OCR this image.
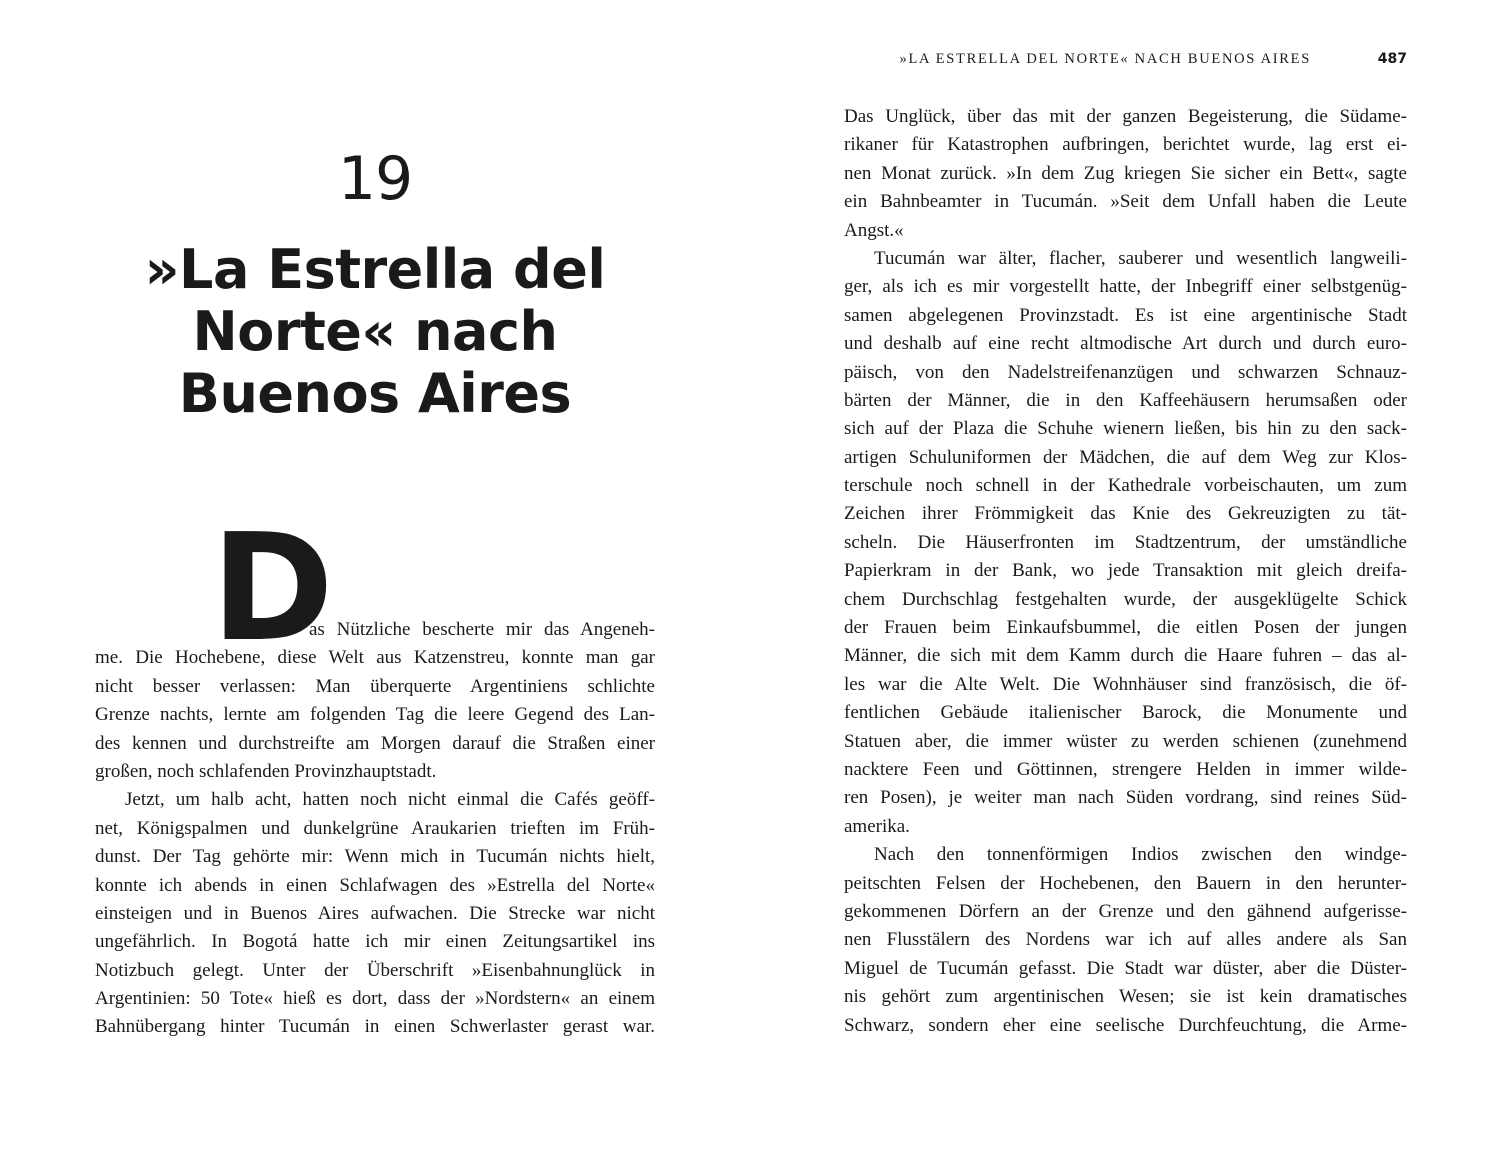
19
»La Estrella del
Norte« nach
Buenos Aires
D
as Nützliche bescherte mir das Angeneh-
me. Die Hochebene, diese Welt aus Katzenstreu, konnte man gar
nicht besser verlassen: Man überquerte Argentiniens schlichte
Grenze nachts, lernte am folgenden Tag die leere Gegend des Lan-
des kennen und durchstreifte am Morgen darauf die Straßen einer
großen, noch schlafenden Provinzhauptstadt.
Jetzt, um halb acht, hatten noch nicht einmal die Cafés geöff-
net, Königspalmen und dunkelgrüne Araukarien trieften im Früh-
dunst. Der Tag gehörte mir: Wenn mich in Tucumán nichts hielt,
konnte ich abends in einen Schlafwagen des »Estrella del Norte«
einsteigen und in Buenos Aires aufwachen. Die Strecke war nicht
ungefährlich. In Bogotá hatte ich mir einen Zeitungsartikel ins
Notizbuch gelegt. Unter der Überschrift »Eisenbahnunglück in
Argentinien: 50 Tote« hieß es dort, dass der »Nordstern« an einem
Bahnübergang hinter Tucumán in einen Schwerlaster gerast war.
»LA ESTRELLA DEL NORTE« NACH BUENOS AIRES	487
Das Unglück, über das mit der ganzen Begeisterung, die Südame-
rikaner für Katastrophen aufbringen, berichtet wurde, lag erst ei-
nen Monat zurück. »In dem Zug kriegen Sie sicher ein Bett«, sagte
ein Bahnbeamter in Tucumán. »Seit dem Unfall haben die Leute
Angst.«
Tucumán war älter, flacher, sauberer und wesentlich langweili-
ger, als ich es mir vorgestellt hatte, der Inbegriff einer selbstgenüg-
samen abgelegenen Provinzstadt. Es ist eine argentinische Stadt
und deshalb auf eine recht altmodische Art durch und durch euro-
päisch, von den Nadelstreifenanzügen und schwarzen Schnauz-
bärten der Männer, die in den Kaffeehäusern herumsaßen oder
sich auf der Plaza die Schuhe wienern ließen, bis hin zu den sack-
artigen Schuluniformen der Mädchen, die auf dem Weg zur Klos-
terschule noch schnell in der Kathedrale vorbeischauten, um zum
Zeichen ihrer Frömmigkeit das Knie des Gekreuzigten zu tät-
scheln. Die Häuserfronten im Stadtzentrum, der umständliche
Papierkram in der Bank, wo jede Transaktion mit gleich dreifa-
chem Durchschlag festgehalten wurde, der ausgeklügelte Schick
der Frauen beim Einkaufsbummel, die eitlen Posen der jungen
Männer, die sich mit dem Kamm durch die Haare fuhren – das al-
les war die Alte Welt. Die Wohnhäuser sind französisch, die öf-
fentlichen Gebäude italienischer Barock, die Monumente und
Statuen aber, die immer wüster zu werden schienen (zunehmend
nacktere Feen und Göttinnen, strengere Helden in immer wilde-
ren Posen), je weiter man nach Süden vordrang, sind reines Süd-
amerika.
Nach den tonnenförmigen Indios zwischen den windge-
peitschten Felsen der Hochebenen, den Bauern in den herunter-
gekommenen Dörfern an der Grenze und den gähnend aufgerisse-
nen Flusstälern des Nordens war ich auf alles andere als San
Miguel de Tucumán gefasst. Die Stadt war düster, aber die Düster-
nis gehört zum argentinischen Wesen; sie ist kein dramatisches
Schwarz, sondern eher eine seelische Durchfeuchtung, die Arme-
